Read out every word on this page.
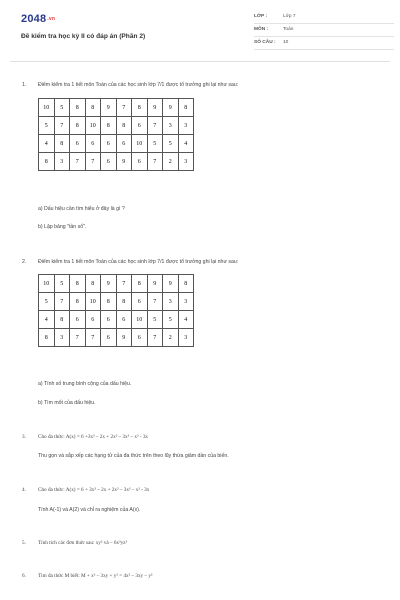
2048.vn
Đề kiểm tra học kỳ II có đáp án (Phần 2)
LỚP :	Lớp 7
MÔN :	Toán
SỐ CÂU : 10
1. Điểm kiểm tra 1 tiết môn Toán của các học sinh lớp 7/1 được tổ trưởng ghi lại như sau:
10	5	8	8	9	7	8	9	9	8
5	7	8	10	8	8	6	7	3	3
4	8	6	6	6	6	10	5	5	4
8	3	7	7	6	9	6	7	2	3
a) Dấu hiệu cần tìm hiểu ở đây là gì ?
b) Lập bảng "tần số".
2. Điểm kiểm tra 1 tiết môn Toán của các học sinh lớp 7/1 được tổ trưởng ghi lại như sau:
10	5	8	8	9	7	8	9	9	8
5	7	8	10	8	8	6	7	3	3
4	8	6	6	6	6	10	5	5	4
8	3	7	7	6	9	6	7	2	3
a) Tính số trung bình cộng của dấu hiệu.
b) Tìm mốt của dấu hiệu.
3. Cho đa thức: A(x) = 6 +3x³ – 2x + 2x² – 3x³ – x² - 3x
Thu gọn và sắp xếp các hạng tử của đa thức trên theo lũy thừa giảm dần của biến.
4. Cho đa thức: A(x) = 6 + 3x³ – 2x + 2x² – 3x³ – x² - 3x
Tính A(-1) và A(2) và chỉ ra nghiệm của A(x).
5. Tính tích các đơn thức sau: xy² và – 6x³yz²
6. Tìm đa thức M biết: M + x² – 3xy + y² = 4x² – 3xy – y²
